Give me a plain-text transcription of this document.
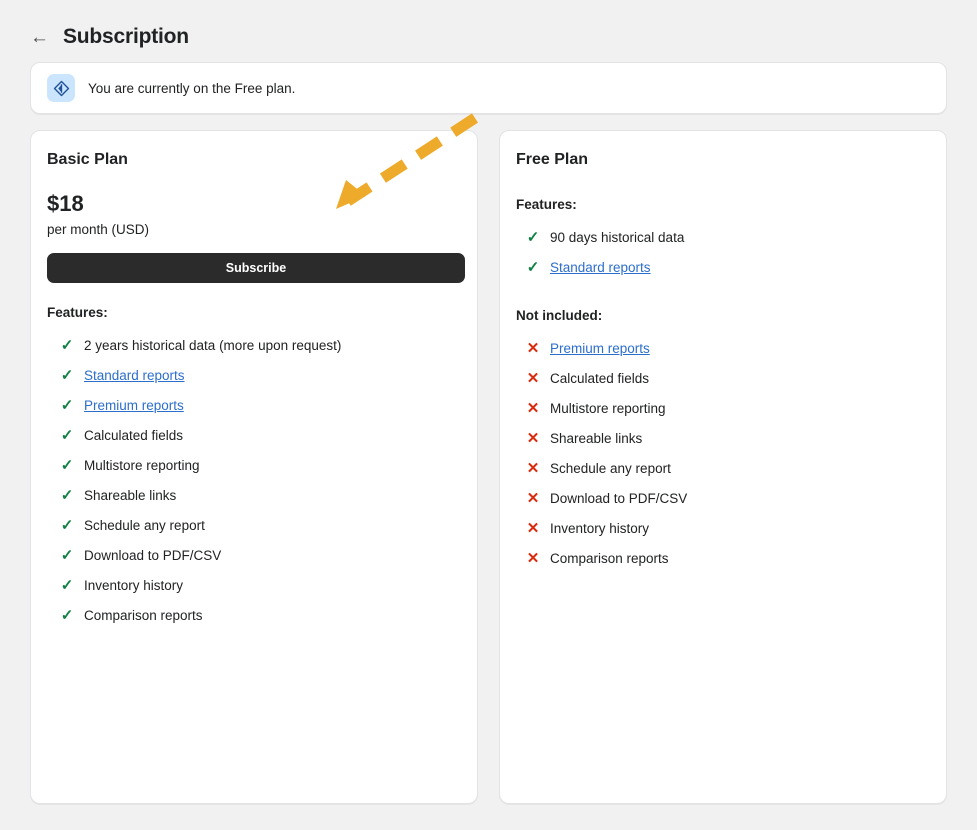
← Subscription
You are currently on the Free plan.
Basic Plan
$18
per month (USD)
Subscribe
Features:
✓ 2 years historical data (more upon request)
✓ Standard reports
✓ Premium reports
✓ Calculated fields
✓ Multistore reporting
✓ Shareable links
✓ Schedule any report
✓ Download to PDF/CSV
✓ Inventory history
✓ Comparison reports
Free Plan
Features:
✓ 90 days historical data
✓ Standard reports
Not included:
✕ Premium reports
✕ Calculated fields
✕ Multistore reporting
✕ Shareable links
✕ Schedule any report
✕ Download to PDF/CSV
✕ Inventory history
✕ Comparison reports
